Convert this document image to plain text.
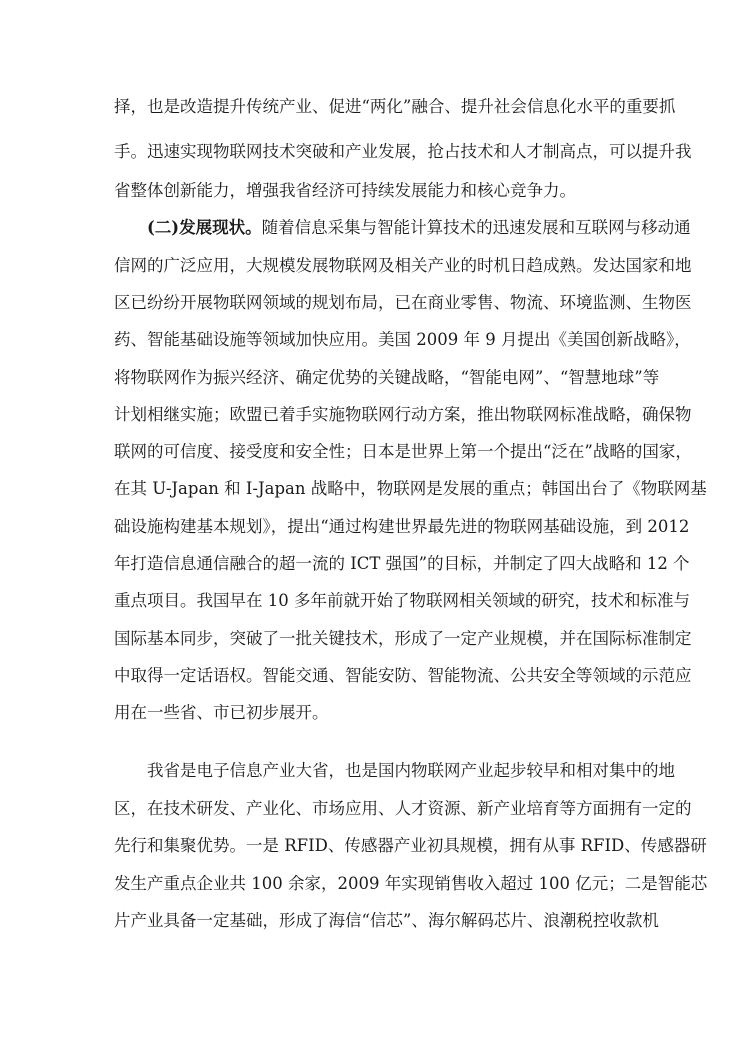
择，也是改造提升传统产业、促进“两化”融合、提升社会信息化水平的重要抓
手。迅速实现物联网技术突破和产业发展，抢占技术和人才制高点，可以提升我
省整体创新能力，增强我省经济可持续发展能力和核心竞争力。
(二)发展现状。随着信息采集与智能计算技术的迅速发展和互联网与移动通
信网的广泛应用，大规模发展物联网及相关产业的时机日趋成熟。发达国家和地
区已纷纷开展物联网领域的规划布局，已在商业零售、物流、环境监测、生物医
药、智能基础设施等领域加快应用。美国 2009 年 9 月提出《美国创新战略》，
将物联网作为振兴经济、确定优势的关键战略，“智能电网”、“智慧地球”等
计划相继实施；欧盟已着手实施物联网行动方案，推出物联网标准战略，确保物
联网的可信度、接受度和安全性；日本是世界上第一个提出“泛在”战略的国家，
在其 U-Japan 和 I-Japan 战略中，物联网是发展的重点；韩国出台了《物联网基
础设施构建基本规划》，提出“通过构建世界最先进的物联网基础设施，到 2012
年打造信息通信融合的超一流的 ICT 强国”的目标，并制定了四大战略和 12 个
重点项目。我国早在 10 多年前就开始了物联网相关领域的研究，技术和标准与
国际基本同步，突破了一批关键技术，形成了一定产业规模，并在国际标准制定
中取得一定话语权。智能交通、智能安防、智能物流、公共安全等领域的示范应
用在一些省、市已初步展开。
我省是电子信息产业大省，也是国内物联网产业起步较早和相对集中的地
区，在技术研发、产业化、市场应用、人才资源、新产业培育等方面拥有一定的
先行和集聚优势。一是 RFID、传感器产业初具规模，拥有从事 RFID、传感器研
发生产重点企业共 100 余家，2009 年实现销售收入超过 100 亿元；二是智能芯
片产业具备一定基础，形成了海信“信芯”、海尔解码芯片、浪潮税控收款机
